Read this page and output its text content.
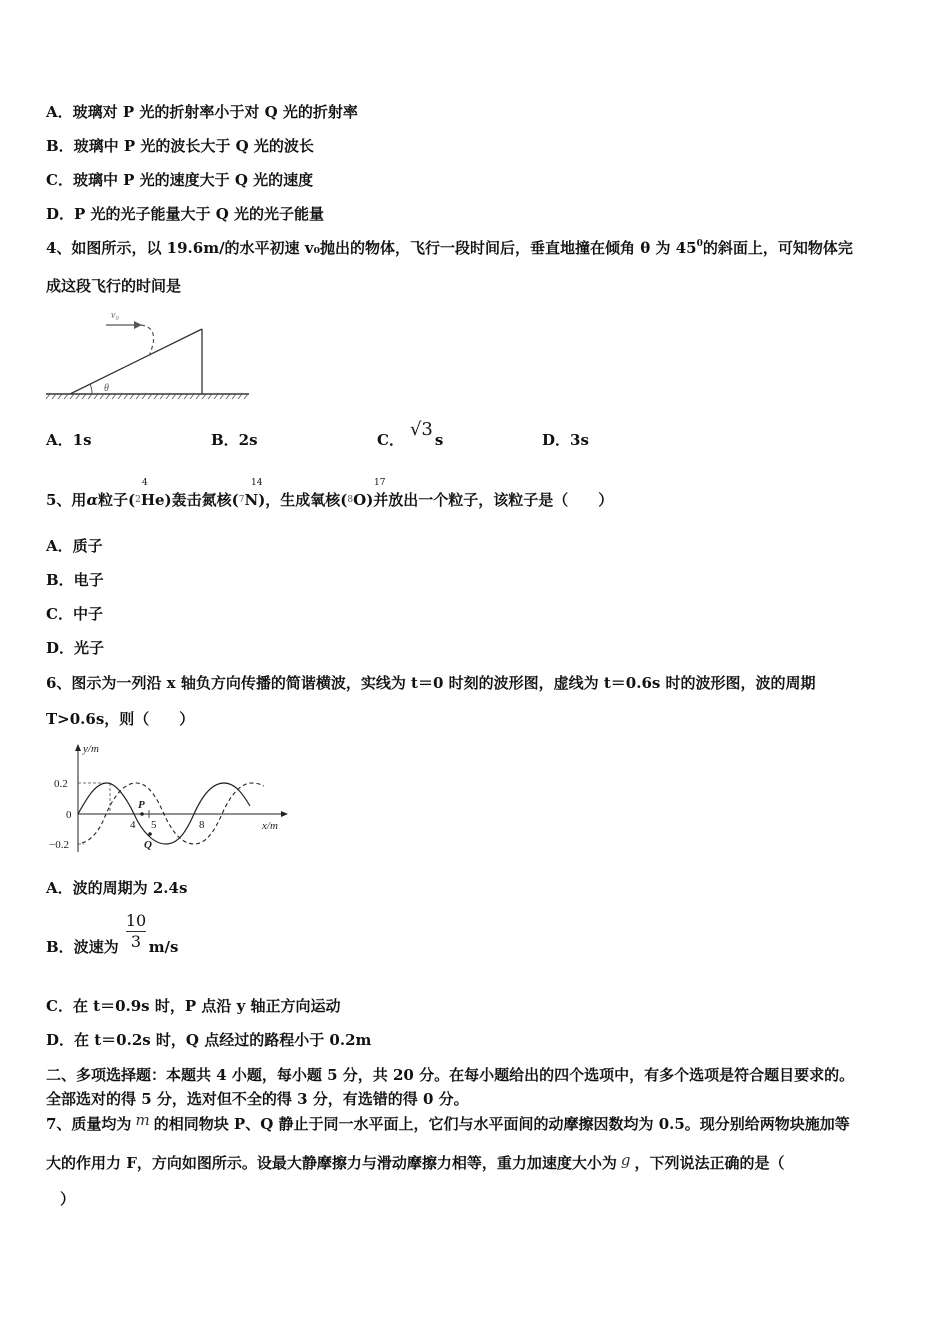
A．玻璃对 P 光的折射率小于对 Q 光的折射率
B．玻璃中 P 光的波长大于 Q 光的波长
C．玻璃中 P 光的速度大于 Q 光的速度
D．P 光的光子能量大于 Q 光的光子能量
4、如图所示，以 19.6m/的水平初速 v₀抛出的物体，飞行一段时间后，垂直地撞在倾角 θ 为 $45^0$的斜面上，可知物体完
成这段飞行的时间是
θ
v₀
A．1s	B．2s	C． √3 s	D．3s
4	14	17
5、用α粒子($^2$He)轰击氮核($^7$N)，生成氧核($^8$O)并放出一个粒子，该粒子是（　　）
A．质子
B．电子
C．中子
D．光子
6、图示为一列沿 x 轴负方向传播的简谐横波，实线为 t＝0 时刻的波形图，虚线为 t＝0.6s 时的波形图，波的周期
T>0.6s，则（　　）
y/m
x/m
0.2
0
−0.2
4 5	8
P
Q
A．波的周期为 2.4s
B．波速为 m/s
10
3
C．在 t＝0.9s 时，P 点沿 y 轴正方向运动
D．在 t＝0.2s 时，Q 点经过的路程小于 0.2m
二、多项选择题：本题共 4 小题，每小题 5 分，共 20 分。在每小题给出的四个选项中，有多个选项是符合题目要求的。
全部选对的得 5 分，选对但不全的得 3 分，有选错的得 0 分。
7、质量均为 m 的相同物块 P、Q 静止于同一水平面上，它们与水平面间的动摩擦因数均为 0.5。现分别给两物块施加等
大的作用力 F，方向如图所示。设最大静摩擦力与滑动摩擦力相等，重力加速度大小为 g ，下列说法正确的是（
）
